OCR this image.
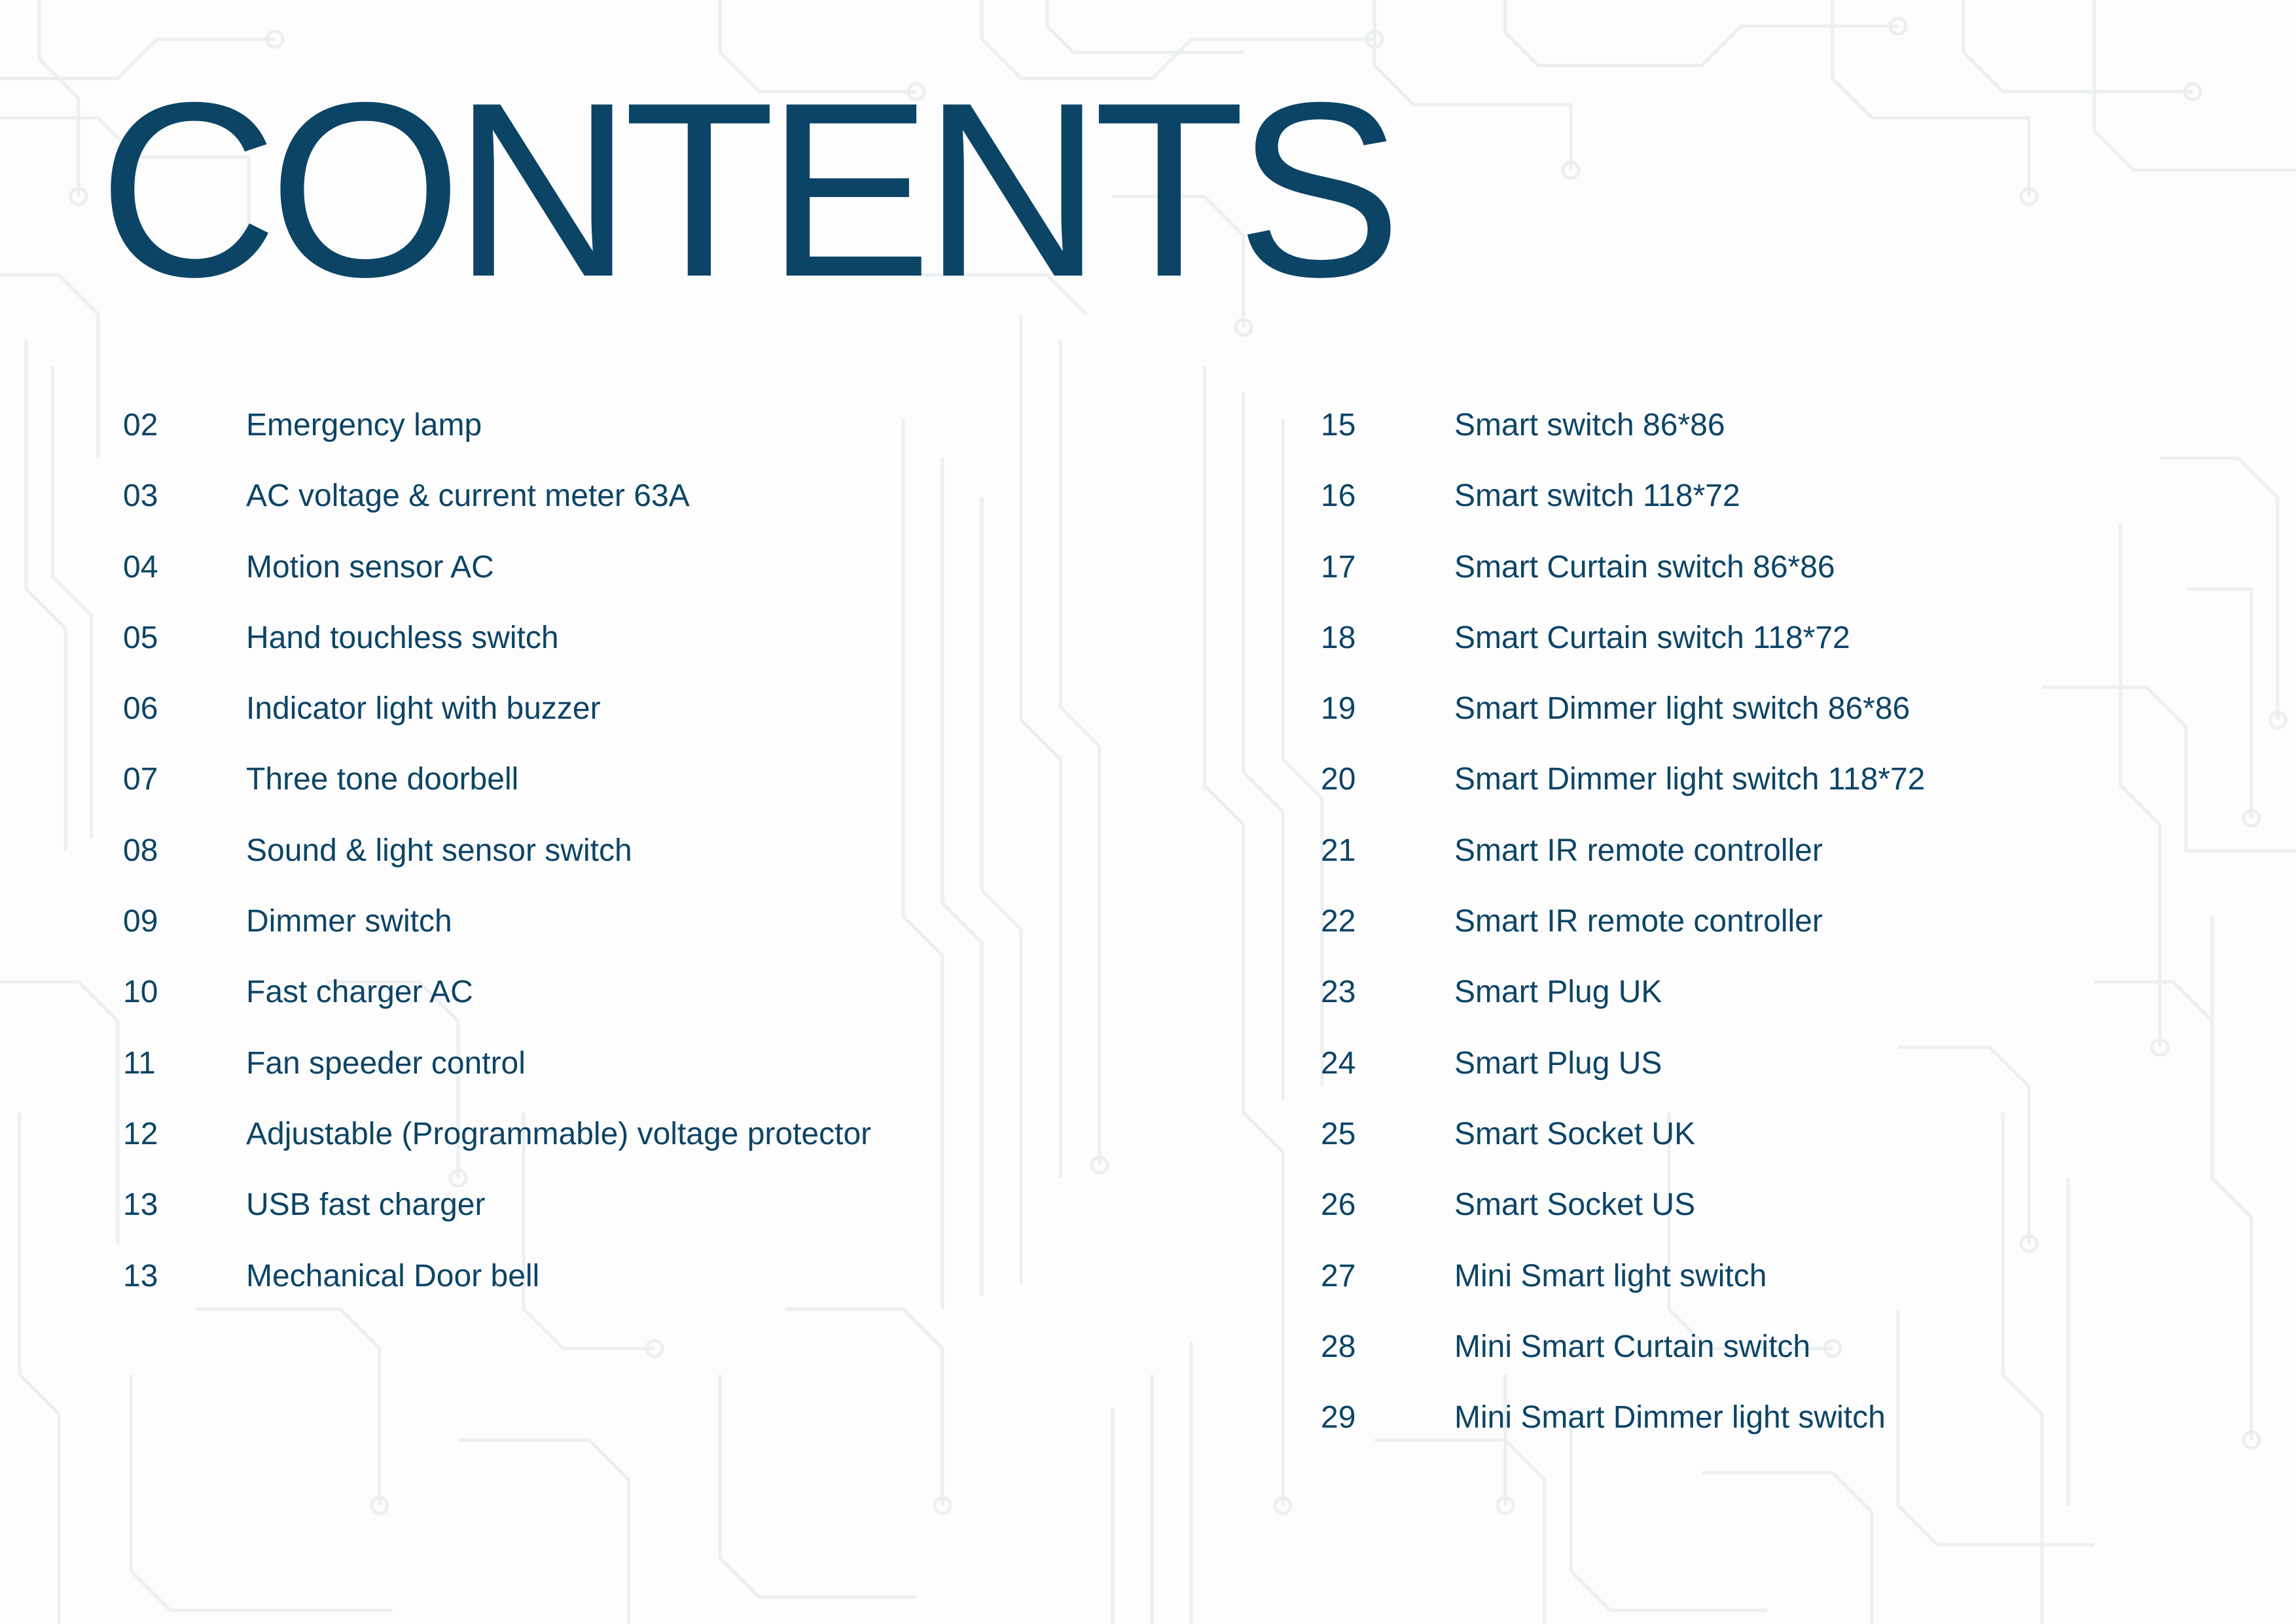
CONTENTS
02	Emergency lamp
03	AC voltage & current meter 63A
04	Motion sensor AC
05	Hand touchless switch
06	Indicator light with buzzer
07	Three tone doorbell
08	Sound & light sensor switch
09	Dimmer switch
10	Fast charger AC
11	Fan speeder control
12	Adjustable (Programmable) voltage protector
13	USB fast charger
13	Mechanical Door bell
15	Smart switch 86*86
16	Smart switch 118*72
17	Smart Curtain switch 86*86
18	Smart Curtain switch 118*72
19	Smart Dimmer light switch 86*86
20	Smart Dimmer light switch 118*72
21	Smart IR remote controller
22	Smart IR remote controller
23	Smart Plug UK
24	Smart Plug US
25	Smart Socket UK
26	Smart Socket US
27	Mini Smart light switch
28	Mini Smart Curtain switch
29	Mini Smart Dimmer light switch
